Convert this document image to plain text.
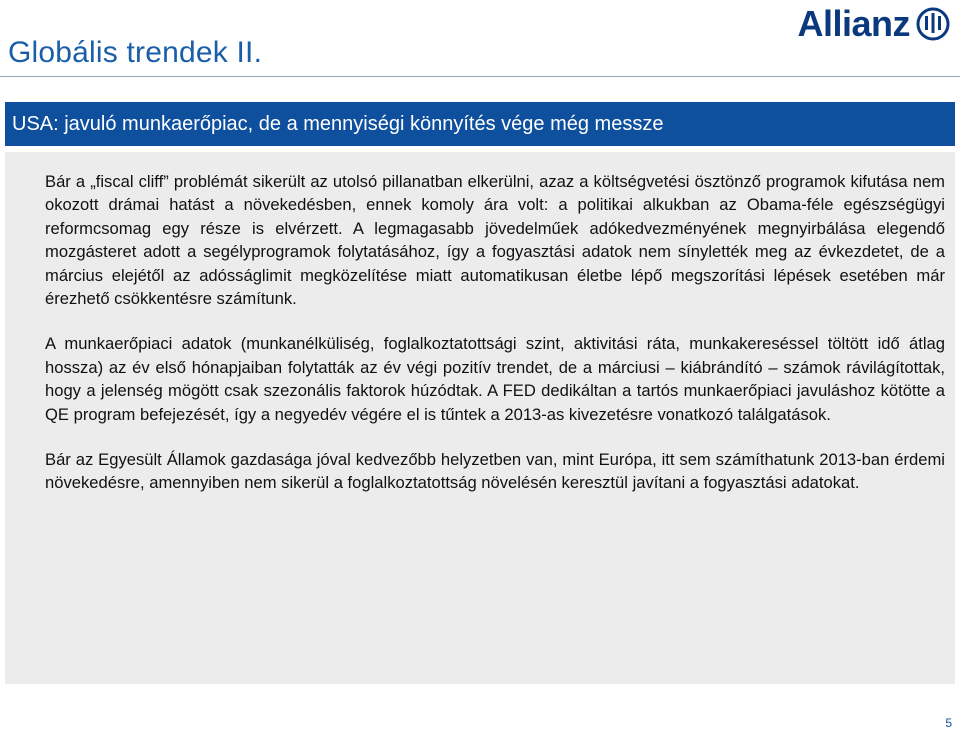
Globális trendek II.
Allianz
USA: javuló munkaerőpiac, de a mennyiségi könnyítés vége még messze
Bár a „fiscal cliff” problémát sikerült az utolsó pillanatban elkerülni, azaz a költségvetési ösztönző programok kifutása nem okozott drámai hatást a növekedésben, ennek komoly ára volt: a politikai alkukban az Obama-féle egészségügyi reformcsomag egy része is elvérzett. A legmagasabb jövedelműek adókedvezményének megnyirbálása elegendő mozgásteret adott a segélyprogramok folytatásához, így a fogyasztási adatok nem sínylették meg az évkezdetet, de a március elejétől az adósságlimit megközelítése miatt automatikusan életbe lépő megszorítási lépések esetében már érezhető csökkentésre számítunk.
A munkaerőpiaci adatok (munkanélküliség, foglalkoztatottsági szint, aktivitási ráta, munkakereséssel töltött idő átlag hossza) az év első hónapjaiban folytatták az év végi pozitív trendet, de a márciusi – kiábrándító – számok rávilágítottak, hogy a jelenség mögött csak szezonális faktorok húzódtak. A FED dedikáltan a tartós munkaerőpiaci javuláshoz kötötte a QE program befejezését, így a negyedév végére el is tűntek a 2013-as kivezetésre vonatkozó találgatások.
Bár az Egyesült Államok gazdasága jóval kedvezőbb helyzetben van, mint Európa, itt sem számíthatunk 2013-ban érdemi növekedésre, amennyiben nem sikerül a foglalkoztatottság növelésén keresztül javítani a fogyasztási adatokat.
5
